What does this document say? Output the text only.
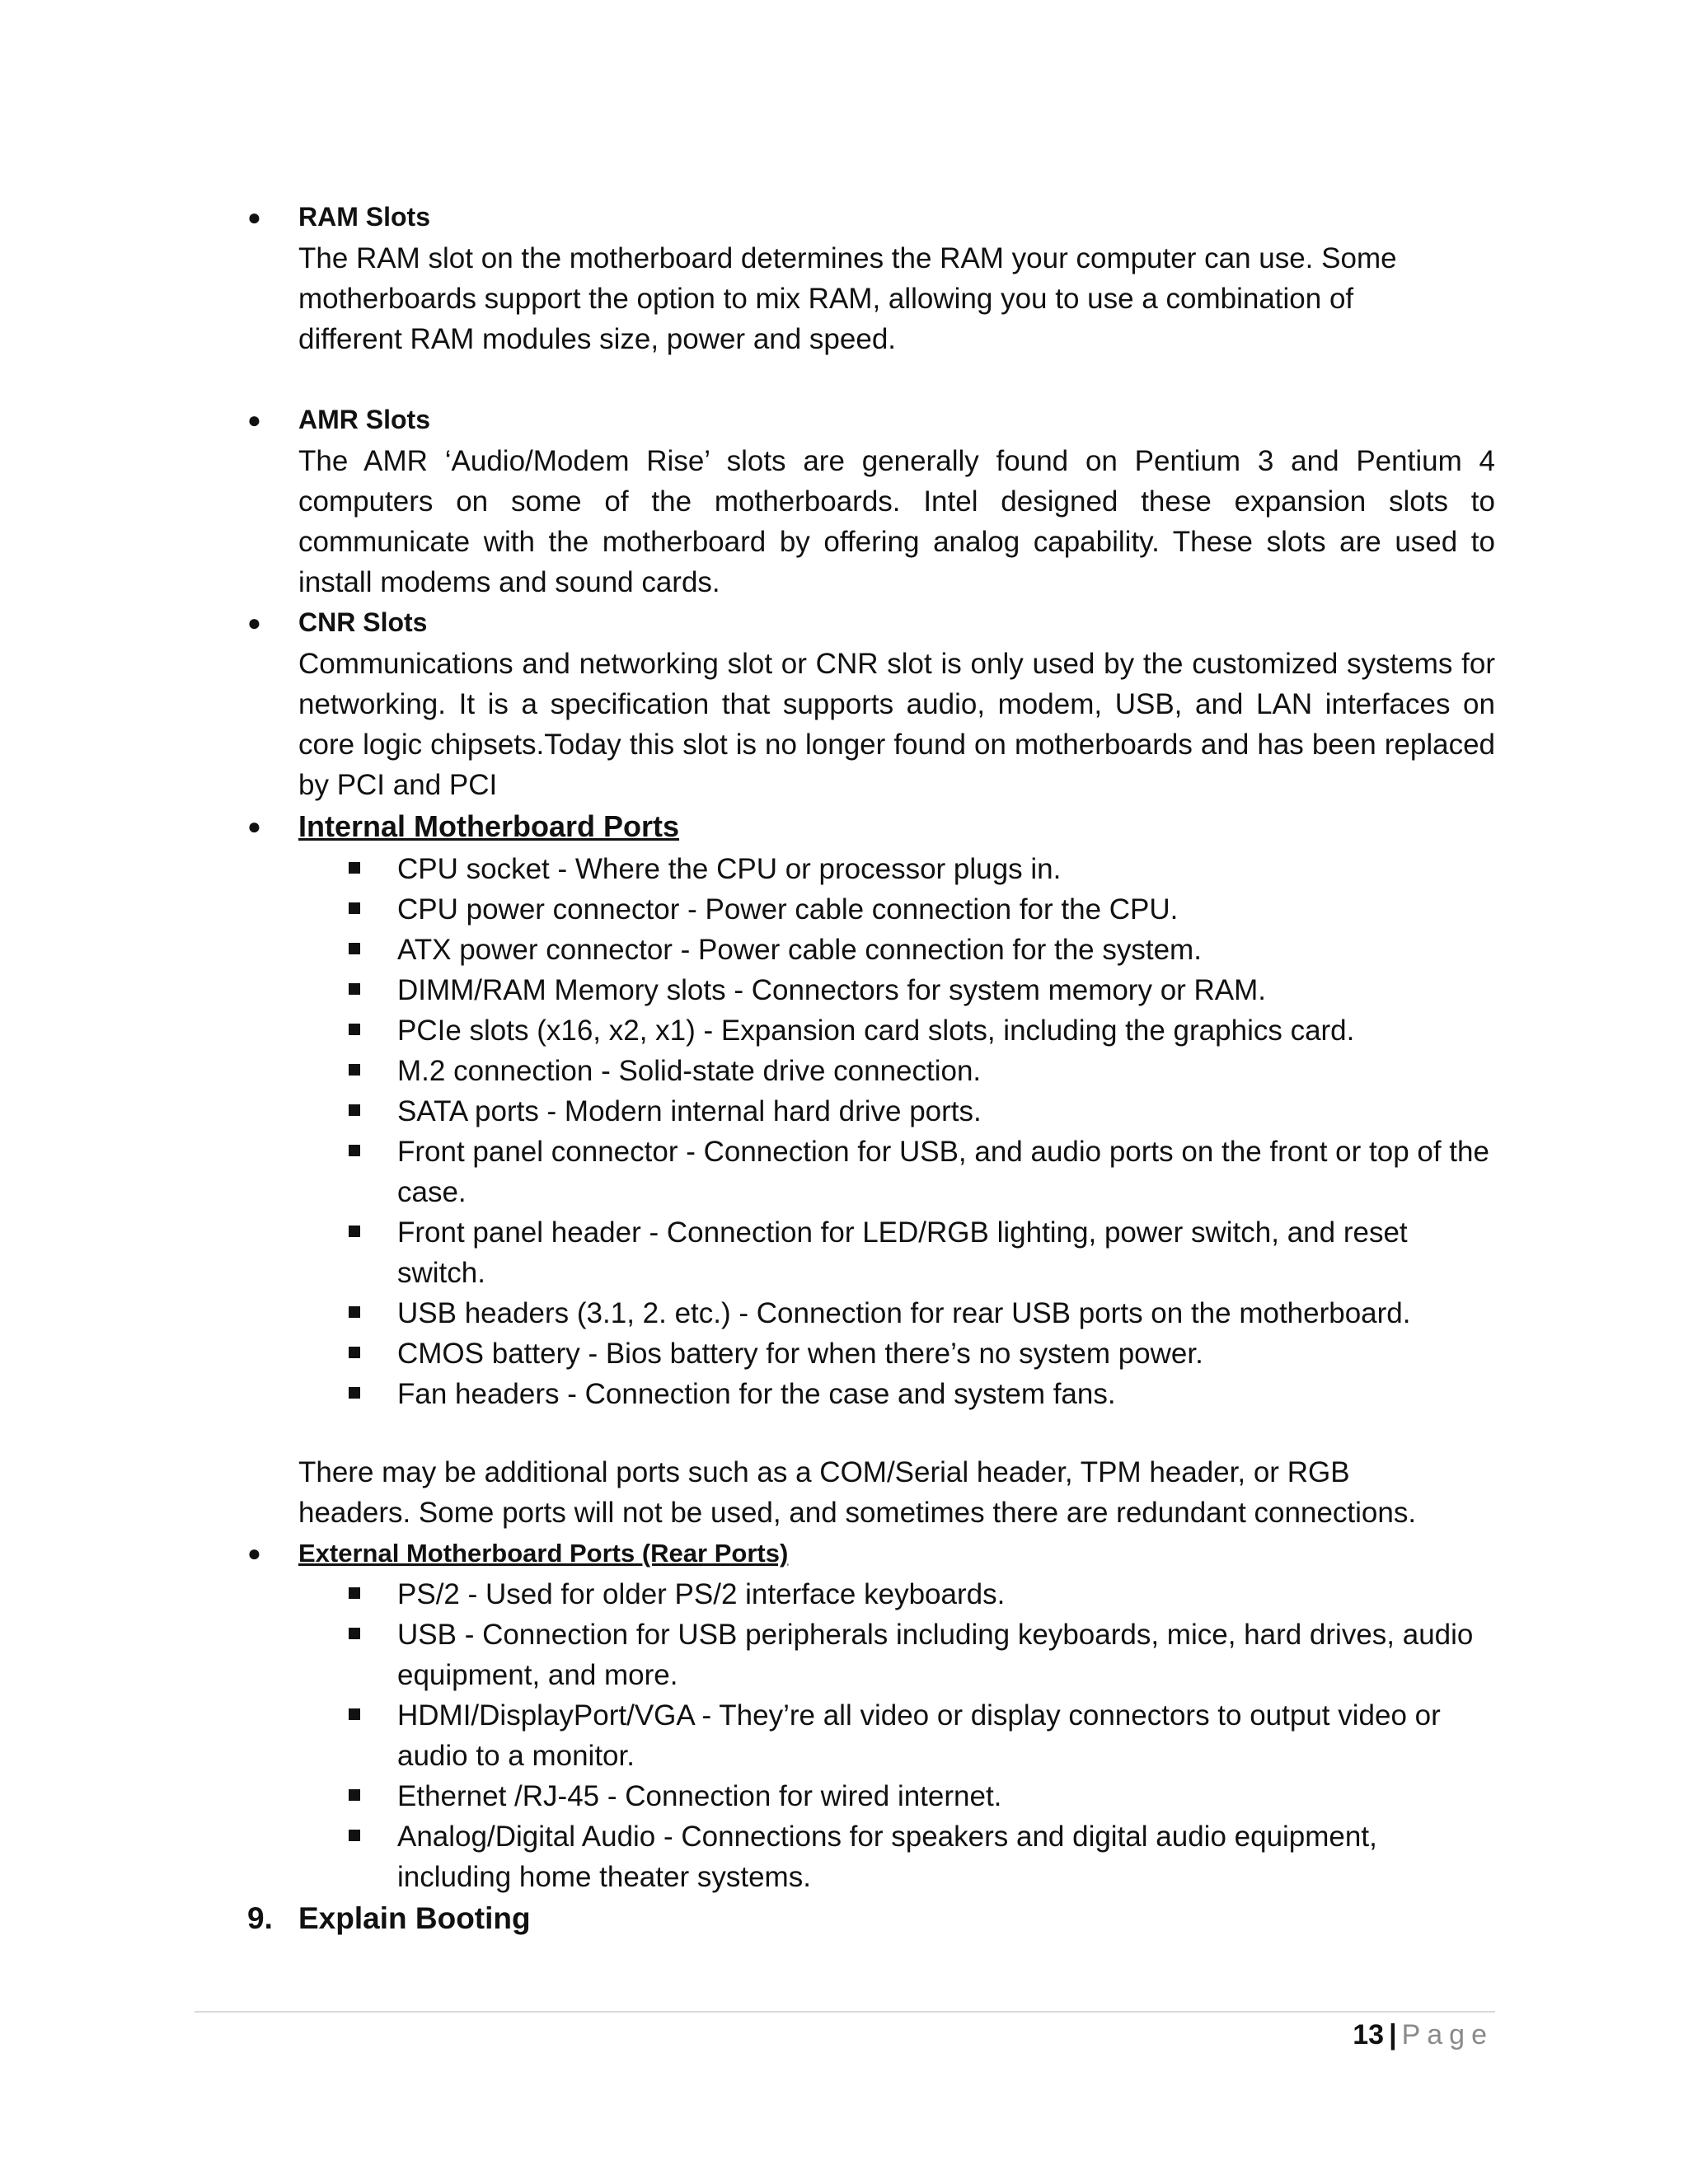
● RAM Slots
The RAM slot on the motherboard determines the RAM your computer can use. Some
motherboards support the option to mix RAM, allowing you to use a combination of
different RAM modules size, power and speed.
● AMR Slots
The AMR ‘Audio/Modem Rise’ slots are generally found on Pentium 3 and Pentium 4 computers on some of the motherboards. Intel designed these expansion slots to communicate with the motherboard by offering analog capability. These slots are used to install modems and sound cards.
● CNR Slots
Communications and networking slot or CNR slot is only used by the customized systems for networking. It is a specification that supports audio, modem, USB, and LAN interfaces on core logic chipsets.Today this slot is no longer found on motherboards and has been replaced by PCI and PCI
● Internal Motherboard Ports
CPU socket - Where the CPU or processor plugs in.
CPU power connector - Power cable connection for the CPU.
ATX power connector - Power cable connection for the system.
DIMM/RAM Memory slots - Connectors for system memory or RAM.
PCIe slots (x16, x2, x1) - Expansion card slots, including the graphics card.
M.2 connection - Solid-state drive connection.
SATA ports - Modern internal hard drive ports.
Front panel connector - Connection for USB, and audio ports on the front or top of the case.
Front panel header - Connection for LED/RGB lighting, power switch, and reset switch.
USB headers (3.1, 2. etc.) - Connection for rear USB ports on the motherboard.
CMOS battery - Bios battery for when there’s no system power.
Fan headers - Connection for the case and system fans.
There may be additional ports such as a COM/Serial header, TPM header, or RGB
headers. Some ports will not be used, and sometimes there are redundant connections.
● External Motherboard Ports (Rear Ports)
PS/2 - Used for older PS/2 interface keyboards.
USB - Connection for USB peripherals including keyboards, mice, hard drives, audio equipment, and more.
HDMI/DisplayPort/VGA - They’re all video or display connectors to output video or audio to a monitor.
Ethernet /RJ-45 - Connection for wired internet.
Analog/Digital Audio - Connections for speakers and digital audio equipment, including home theater systems.
9. Explain Booting
13 | Page
